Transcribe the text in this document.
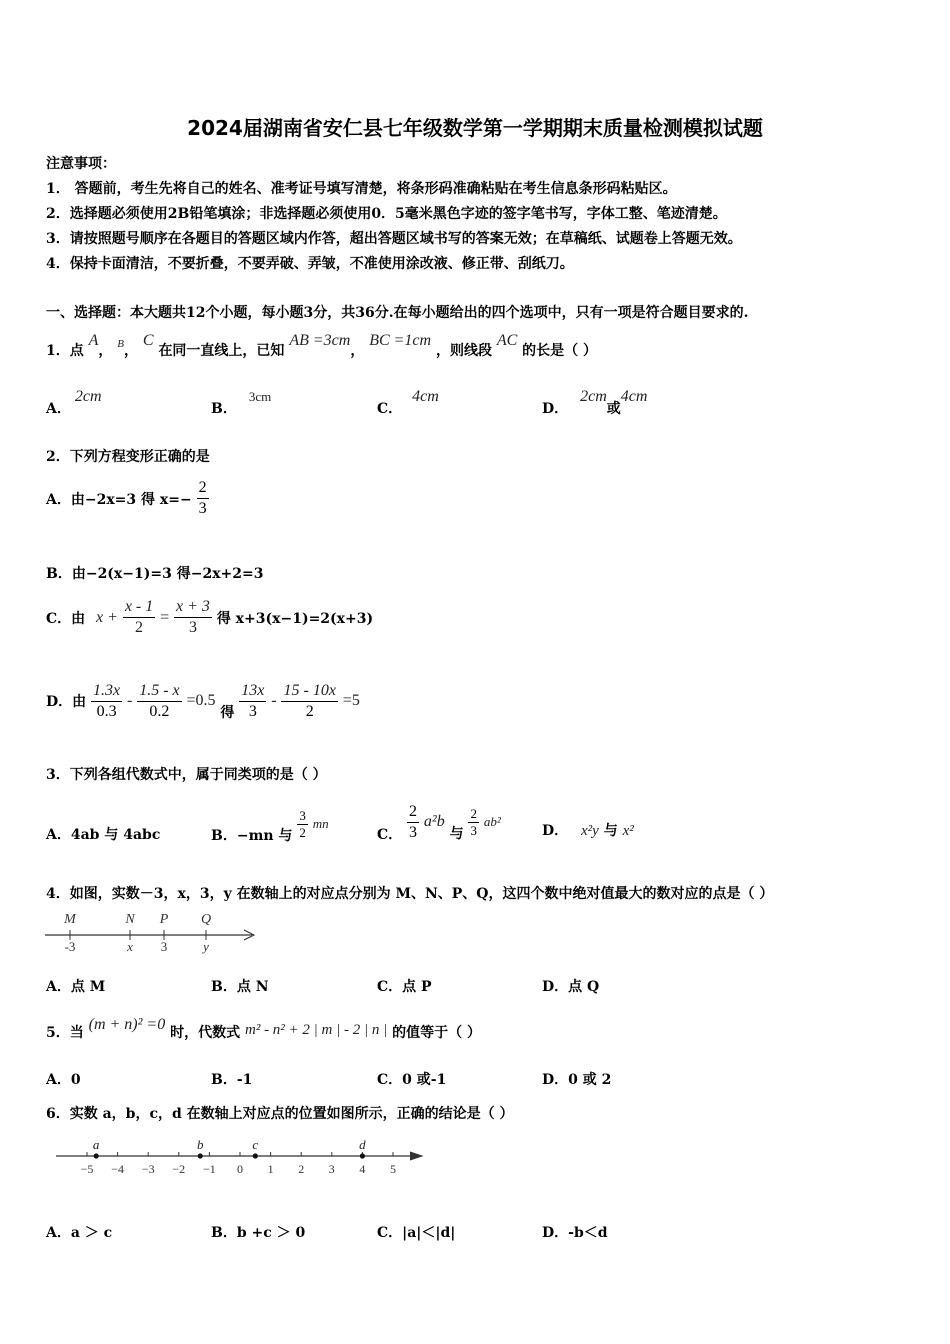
2024届湖南省安仁县七年级数学第一学期期末质量检测模拟试题
注意事项：
1． 答题前，考生先将自己的姓名、准考证号填写清楚，将条形码准确粘贴在考生信息条形码粘贴区。
2．选择题必须使用2B铅笔填涂；非选择题必须使用0．5毫米黑色字迹的签字笔书写，字体工整、笔迹清楚。
3．请按照题号顺序在各题目的答题区域内作答，超出答题区域书写的答案无效；在草稿纸、试题卷上答题无效。
4．保持卡面清洁，不要折叠，不要弄破、弄皱，不准使用涂改液、修正带、刮纸刀。
一、选择题：本大题共12个小题，每小题3分，共36分.在每小题给出的四个选项中，只有一项是符合题目要求的.
1．点 A， $^B$， C 在同一直线上，已知 AB =3cm， BC =1cm ，则线段 AC 的长是（ ）
A．2cm
B．3cm
C．4cm
D．2cm或4cm
2．下列方程变形正确的是
A．由−2x=3 得 $x=- \frac{2}{3}$
B．由−2(x−1)=3 得−2x+2=3
C．由 $x + \frac{x - 1}{2} = \frac{x + 3}{3}$ 得 x+3(x−1)=2(x+3)
D．由 $\frac{1.3x}{0.3} - \frac{1.5 - x}{0.2} =0.5$ 得 $\frac{13x}{3} - \frac{15 - 10x}{2} =5$
3．下列各组代数式中，属于同类项的是（ ）
A．4ab 与 4abc	B．−mn 与 $\frac{3}{2}$ mn
C． $\frac{2}{3} a^2b$ 与 $\frac{2}{3} ab^2$
D． x²y 与 x²
4．如图，实数－3，x，3，y 在数轴上的对应点分别为 M、N、P、Q，这四个数中绝对值最大的数对应的点是（ ）
M
-3
N
x
P
3
Q
y
A．点 M	B．点 N	C．点 P	D．点 Q
5．当 (m + n)² =0 时，代数式 m² - n² + 2 | m | - 2 | n | 的值等于（ ）
A．0	B．-1	C．0 或-1	D．0 或 2
6．实数 a，b，c，d 在数轴上对应点的位置如图所示，正确的结论是（ ）
−5 −4 −3 −2 −1 0 1 2 3 4 5
a	b	c	d
A．a ＞ c	B．b +c ＞ 0	C．|a|＜|d|	D．-b＜d
